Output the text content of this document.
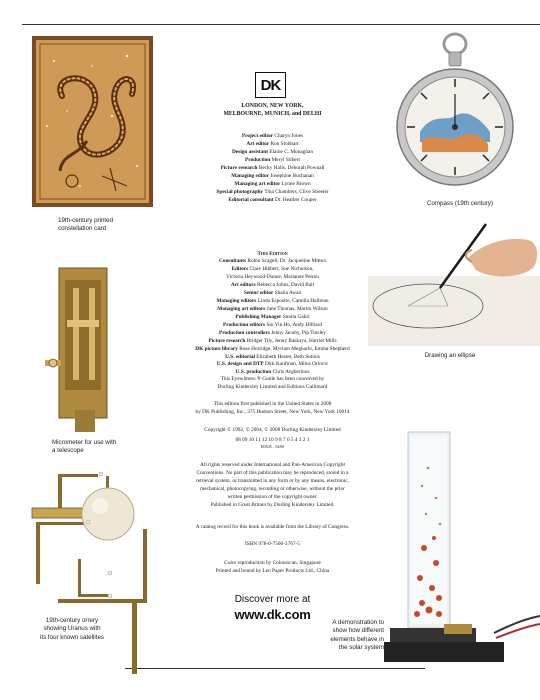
19th-century printed
constellation card
Compass (19th century)
Micrometer for use with
a telescope
Drawing an ellipse
19th-century orrery
showing Uranus with
its four known satellites
A demonstration to
show how different
elements behave in
the solar system
DK
LONDON, NEW YORK,
MELBOURNE, MUNICH, and DELHI
Project editor Charyn Jones
Art editor Ron Stobbart
Design assistant Elaine C. Monaghan
Production Meryl Silbert
Picture research Becky Halls, Deborah Pownall
Managing editor Josephine Buchanan
Managing art editor Lynne Brown
Special photography Tina Chambers, Clive Streeter
Editorial consultant Dr. Heather Couper
This Edition
Consultants Robin Scagell, Dr. Jacqueline Mitton
Editors Clare Hibbert, Sue Nicholson,
Victoria Heywood-Dunne, Marianne Petrou
Art editors Rebecca Johns, David Ball
Senior editor Shaila Awan
Managing editors Linda Esposito, Camilla Hallinan
Managing art editors Jane Thomas, Martin Wilson
Publishing Manager Sunita Gahir
Production editors Siu Yin Ho, Andy Hilliard
Production controllers Jenny Jacoby, Pip Tinsley
Picture research Bridget Tily, Jenny Baskaya, Harriet Mills
DK picture library Rose Horridge, Myriam Megharbi, Emma Shepherd
U.S. editorial Elizabeth Hester, Beth Sutinis
U.S. design and DTP Dirk Kaufman, Milos Orlovic
U.S. production Chris Avgherinos
This Eyewitness ® Guide has been conceived by
Dorling Kindersley Limited and Editions Gallimard
This edition first published in the United States in 2008
by DK Publishing, Inc., 375 Hudson Street, New York, New York 10014
Copyright © 1992, © 2004, © 2008 Dorling Kindersley Limited
08 09 10 11 12 10 9 8 7 6 5 4 3 2 1
ED635 – 04/08
All rights reserved under International and Pan-American Copyright
Conventions. No part of this publication may be reproduced, stored in a
retrieval system, or transmitted in any form or by any means, electronic,
mechanical, photocopying, recording or otherwise, without the prior
written permission of the copyright owner.
Published in Great Britain by Dorling Kindersley Limited.
A catalog record for this book is available from the Library of Congress.
ISBN 978-0-7566-3767-5
Color reproduction by Colourscan, Singapore
Printed and bound by Leo Paper Products Ltd., China
Discover more at
www.dk.com
